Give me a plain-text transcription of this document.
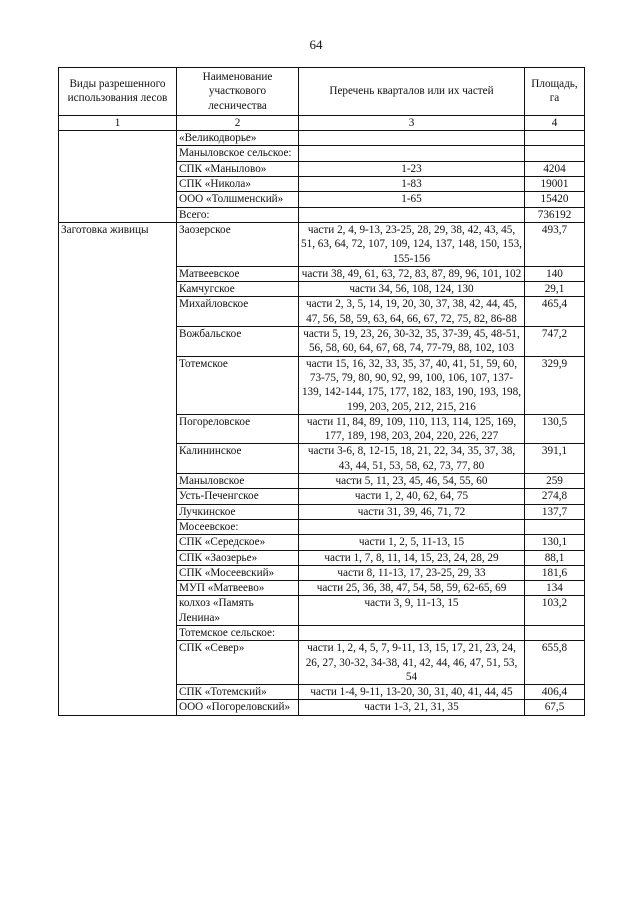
64
Виды разрешенного использования лесов	Наименование участкового лесничества	Перечень кварталов или их частей	Площадь, га
1	2	3	4
	«Великодворье»		
	Маныловское сельское:		
	СПК «Манылово»	1-23	4204
	СПК «Никола»	1-83	19001
	ООО «Толшменский»	1-65	15420
	Всего:		736192
Заготовка живицы	Заозерское	части 2, 4, 9-13, 23-25, 28, 29, 38, 42, 43, 45, 51, 63, 64, 72, 107, 109, 124, 137, 148, 150, 153, 155-156	493,7
	Матвеевское	части 38, 49, 61, 63, 72, 83, 87, 89, 96, 101, 102	140
	Камчугское	части 34, 56, 108, 124, 130	29,1
	Михайловское	части 2, 3, 5, 14, 19, 20, 30, 37, 38, 42, 44, 45, 47, 56, 58, 59, 63, 64, 66, 67, 72, 75, 82, 86-88	465,4
	Вожбальское	части 5, 19, 23, 26, 30-32, 35, 37-39, 45, 48-51, 56, 58, 60, 64, 67, 68, 74, 77-79, 88, 102, 103	747,2
	Тотемское	части 15, 16, 32, 33, 35, 37, 40, 41, 51, 59, 60, 73-75, 79, 80, 90, 92, 99, 100, 106, 107, 137-139, 142-144, 175, 177, 182, 183, 190, 193, 198, 199, 203, 205, 212, 215, 216	329,9
	Погореловское	части 11, 84, 89, 109, 110, 113, 114, 125, 169, 177, 189, 198, 203, 204, 220, 226, 227	130,5
	Калининское	части 3-6, 8, 12-15, 18, 21, 22, 34, 35, 37, 38, 43, 44, 51, 53, 58, 62, 73, 77, 80	391,1
	Маныловское	части 5, 11, 23, 45, 46, 54, 55, 60	259
	Усть-Печенгское	части 1, 2, 40, 62, 64, 75	274,8
	Лучкинское	части 31, 39, 46, 71, 72	137,7
	Мосеевское:		
	СПК «Середское»	части 1, 2, 5, 11-13, 15	130,1
	СПК «Заозерье»	части 1, 7, 8, 11, 14, 15, 23, 24, 28, 29	88,1
	СПК «Мосеевский»	части 8, 11-13, 17, 23-25, 29, 33	181,6
	МУП «Матвеево»	части 25, 36, 38, 47, 54, 58, 59, 62-65, 69	134
	колхоз «Память Ленина»	части 3, 9, 11-13, 15	103,2
	Тотемское сельское:		
	СПК «Север»	части 1, 2, 4, 5, 7, 9-11, 13, 15, 17, 21, 23, 24, 26, 27, 30-32, 34-38, 41, 42, 44, 46, 47, 51, 53, 54	655,8
	СПК «Тотемский»	части 1-4, 9-11, 13-20, 30, 31, 40, 41, 44, 45	406,4
	ООО «Погореловский»	части 1-3, 21, 31, 35	67,5
